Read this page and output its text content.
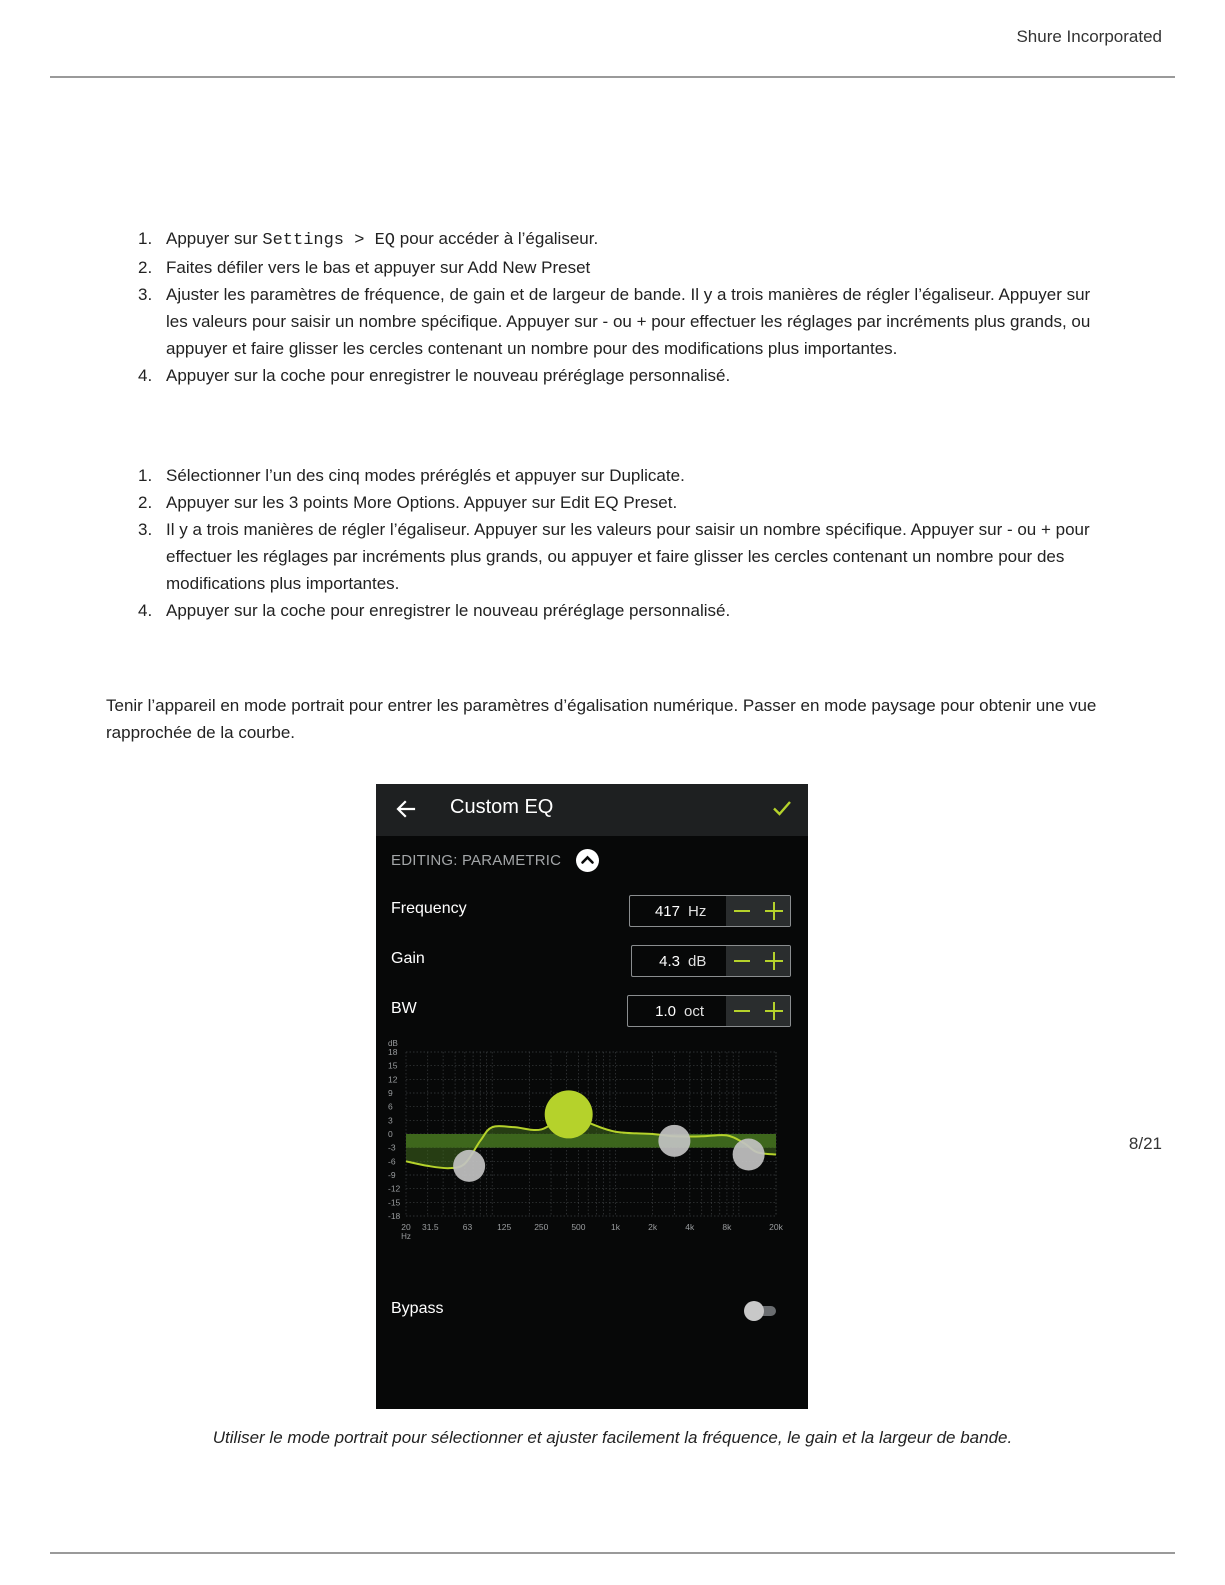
Shure Incorporated
1. Appuyer sur Settings > EQ pour accéder à l’égaliseur.
2. Faites défiler vers le bas et appuyer sur Add New Preset
3. Ajuster les paramètres de fréquence, de gain et de largeur de bande. Il y a trois manières de régler l’égaliseur. Appuyer sur les valeurs pour saisir un nombre spécifique. Appuyer sur - ou + pour effectuer les réglages par incréments plus grands, ou appuyer et faire glisser les cercles contenant un nombre pour des modifications plus importantes.
4. Appuyer sur la coche pour enregistrer le nouveau préréglage personnalisé.
1. Sélectionner l’un des cinq modes préréglés et appuyer sur Duplicate.
2. Appuyer sur les 3 points More Options. Appuyer sur Edit EQ Preset.
3. Il y a trois manières de régler l’égaliseur. Appuyer sur les valeurs pour saisir un nombre spécifique. Appuyer sur - ou + pour effectuer les réglages par incréments plus grands, ou appuyer et faire glisser les cercles contenant un nombre pour des modifications plus importantes.
4. Appuyer sur la coche pour enregistrer le nouveau préréglage personnalisé.
Tenir l’appareil en mode portrait pour entrer les paramètres d’égalisation numérique. Passer en mode paysage pour obtenir une vue rapprochée de la courbe.
Custom EQ
EDITING: PARAMETRIC
Frequency	417 Hz
Gain	4.3 dB
BW	1.0 oct
dB
18
15
12
9
6
3
0
-3
-6
-9
-12
-15
-18
20 31.5	63	125	250	500	1k	2k	4k	8k	20k
Hz
Bypass
Utiliser le mode portrait pour sélectionner et ajuster facilement la fréquence, le gain et la largeur de bande.
8/21
